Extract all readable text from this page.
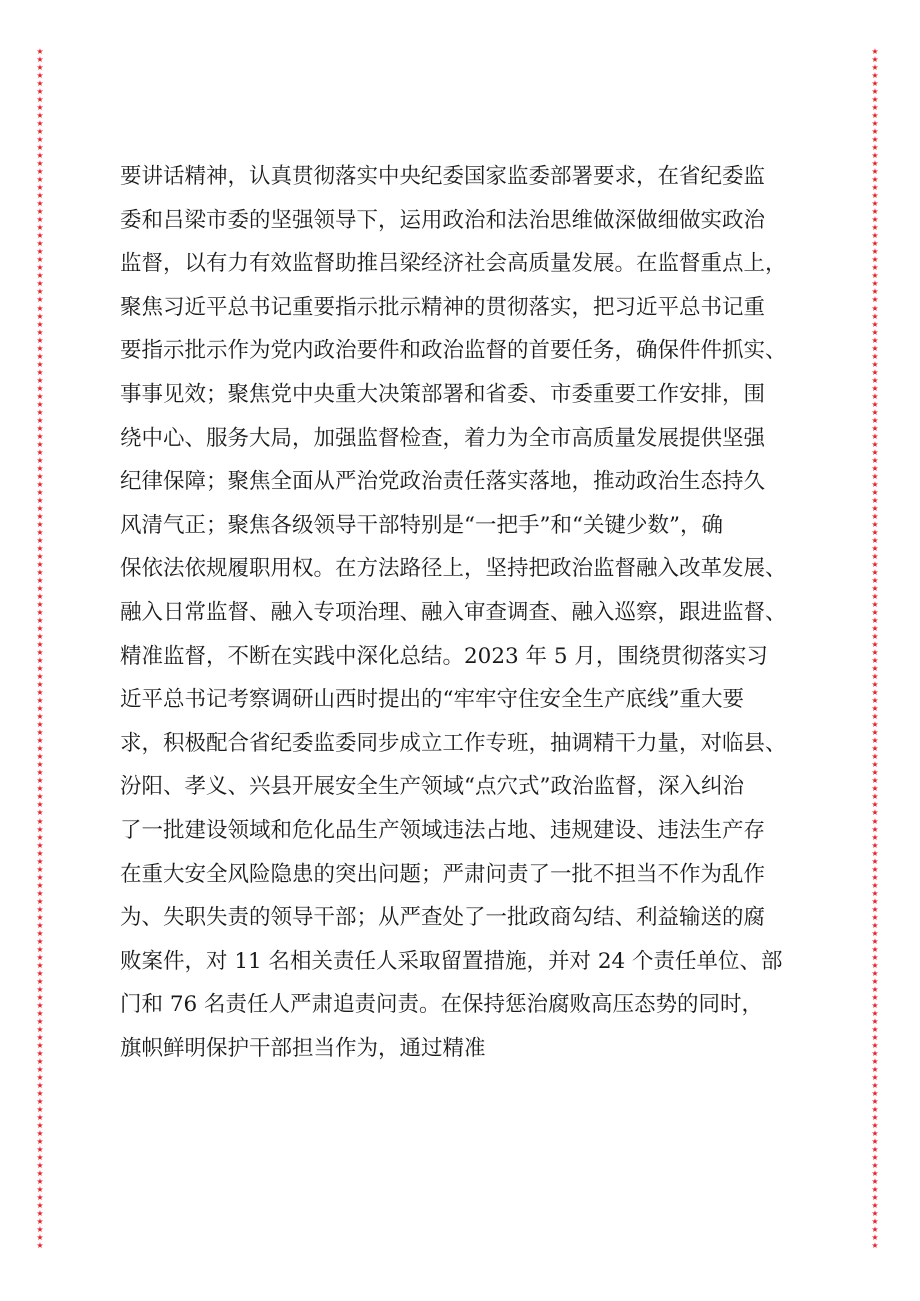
★
★
★
★
★
★
★
★
★
★
★
★
★
★
★
★
★
★
★
★
★
★
★
★
★
★
★
★
★
★
★
★
★
★
★
★
★
★
★
★
★
★
★
★
★
★
★
★
★
★
★
★
★
★
★
★
★
★
★
★
★
★
★
★
★
★
★
★
★
★
★
★
★
★
★
★
★
★
★
★
★
★
★
★
★
★
★
★
★
★
★
★
★
★
★
★
★
★
★
★
★
★
★
★
★
★
★
★
★
★
★
★
★
★
★
★
★
★
★
★
★
★
★
★
★
★
★
★
★
★
★
★
★
★
★
★
★
★
★
★
★
★
★
★
★
★
★
★
★
★
★
★
★
★
★
★
★
★
★
★
★
★
★
★
★
★
★
★
★
★
★
★
★
★
★
★
★
★
★
★
★
★
★
★
★
★
★
★
★
★
★
★
★
★
★
★
★
★
★
★
★
★
★
★
★
★
★
★
★
★
★
★
★
★
★
★
★
★
★
★
★
★
★
★
★
★
★
★
★
★
★
★
★
★
★
★
★
★
★
★
★
★
★
★
★
★
★
★
★
★
★
★
★
★
★
★
★
★
★
★
★
★
★
★
★
★
★
★
★
★
★
★
★
★
★
★
★
★
★
★
★
★
★
★
★
★
★
★
★
★
★
★
★
★
★
★
★
★
★
★
要讲话精神，认真贯彻落实中央纪委国家监委部署要求，在省纪委监
委和吕梁市委的坚强领导下，运用政治和法治思维做深做细做实政治
监督，以有力有效监督助推吕梁经济社会高质量发展。在监督重点上，
聚焦习近平总书记重要指示批示精神的贯彻落实，把习近平总书记重
要指示批示作为党内政治要件和政治监督的首要任务，确保件件抓实、
事事见效；聚焦党中央重大决策部署和省委、市委重要工作安排，围
绕中心、服务大局，加强监督检查，着力为全市高质量发展提供坚强
纪律保障；聚焦全面从严治党政治责任落实落地，推动政治生态持久
风清气正；聚焦各级领导干部特别是“一把手”和“关键少数”，确
保依法依规履职用权。在方法路径上，坚持把政治监督融入改革发展、
融入日常监督、融入专项治理、融入审查调查、融入巡察，跟进监督、
精准监督，不断在实践中深化总结。2023 年 5 月，围绕贯彻落实习
近平总书记考察调研山西时提出的“牢牢守住安全生产底线”重大要
求，积极配合省纪委监委同步成立工作专班，抽调精干力量，对临县、
汾阳、孝义、兴县开展安全生产领域“点穴式”政治监督，深入纠治
了一批建设领域和危化品生产领域违法占地、违规建设、违法生产存
在重大安全风险隐患的突出问题；严肃问责了一批不担当不作为乱作
为、失职失责的领导干部；从严查处了一批政商勾结、利益输送的腐
败案件，对 11 名相关责任人采取留置措施，并对 24 个责任单位、部
门和 76 名责任人严肃追责问责。在保持惩治腐败高压态势的同时，
旗帜鲜明保护干部担当作为，通过精准
